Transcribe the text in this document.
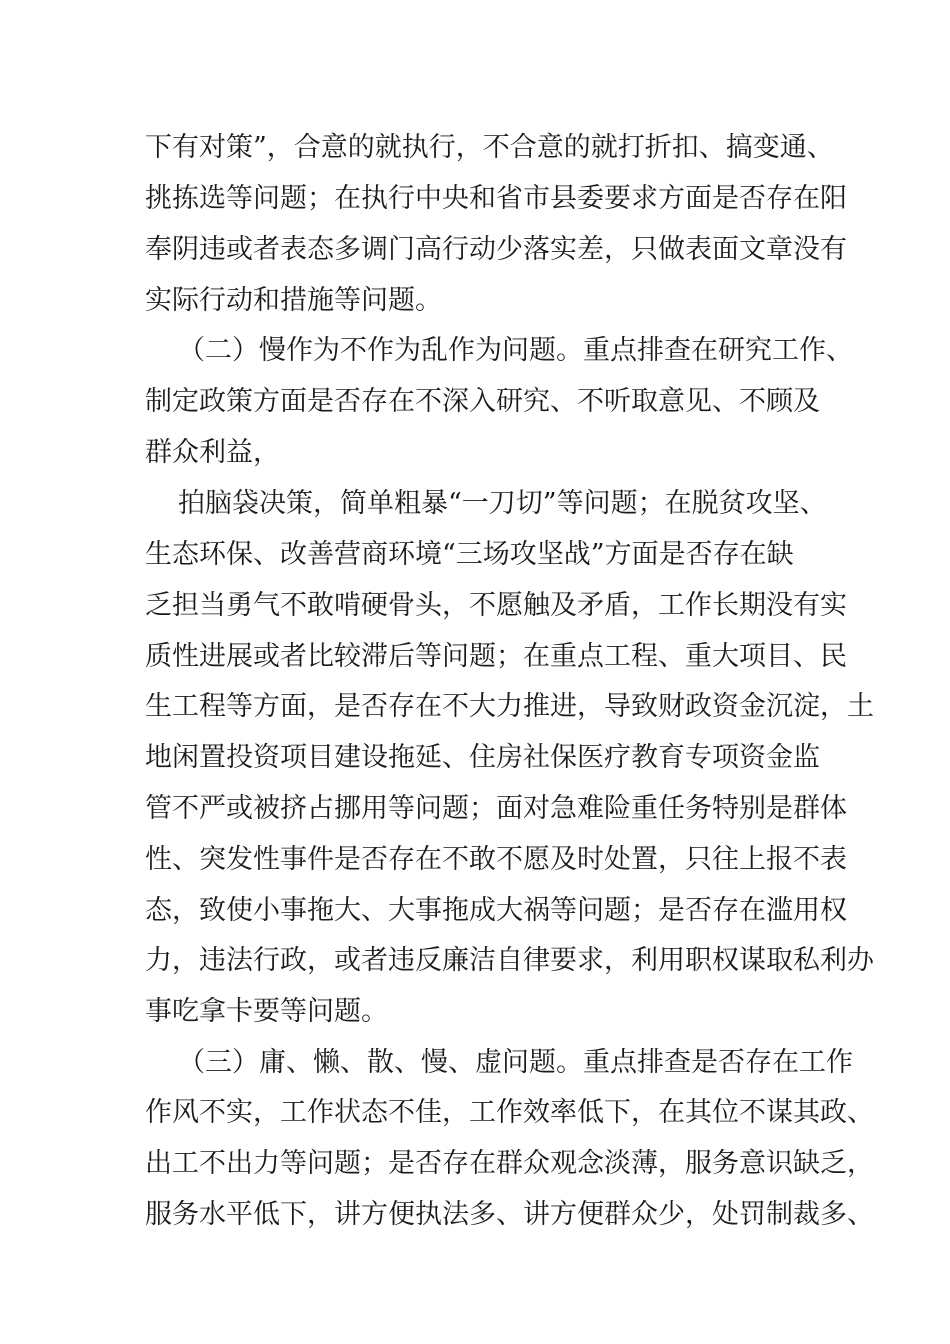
下有对策”，合意的就执行，不合意的就打折扣、搞变通、
挑拣选等问题；在执行中央和省市县委要求方面是否存在阳
奉阴违或者表态多调门高行动少落实差，只做表面文章没有
实际行动和措施等问题。
（二）慢作为不作为乱作为问题。重点排查在研究工作、
制定政策方面是否存在不深入研究、不听取意见、不顾及
群众利益，
拍脑袋决策，简单粗暴“一刀切”等问题；在脱贫攻坚、
生态环保、改善营商环境“三场攻坚战”方面是否存在缺
乏担当勇气不敢啃硬骨头，不愿触及矛盾，工作长期没有实
质性进展或者比较滞后等问题；在重点工程、重大项目、民
生工程等方面，是否存在不大力推进，导致财政资金沉淀，土
地闲置投资项目建设拖延、住房社保医疗教育专项资金监
管不严或被挤占挪用等问题；面对急难险重任务特别是群体
性、突发性事件是否存在不敢不愿及时处置，只往上报不表
态，致使小事拖大、大事拖成大祸等问题；是否存在滥用权
力，违法行政，或者违反廉洁自律要求，利用职权谋取私利办
事吃拿卡要等问题。
（三）庸、懒、散、慢、虚问题。重点排查是否存在工作
作风不实，工作状态不佳，工作效率低下，在其位不谋其政、
出工不出力等问题；是否存在群众观念淡薄，服务意识缺乏，
服务水平低下，讲方便执法多、讲方便群众少，处罚制裁多、
